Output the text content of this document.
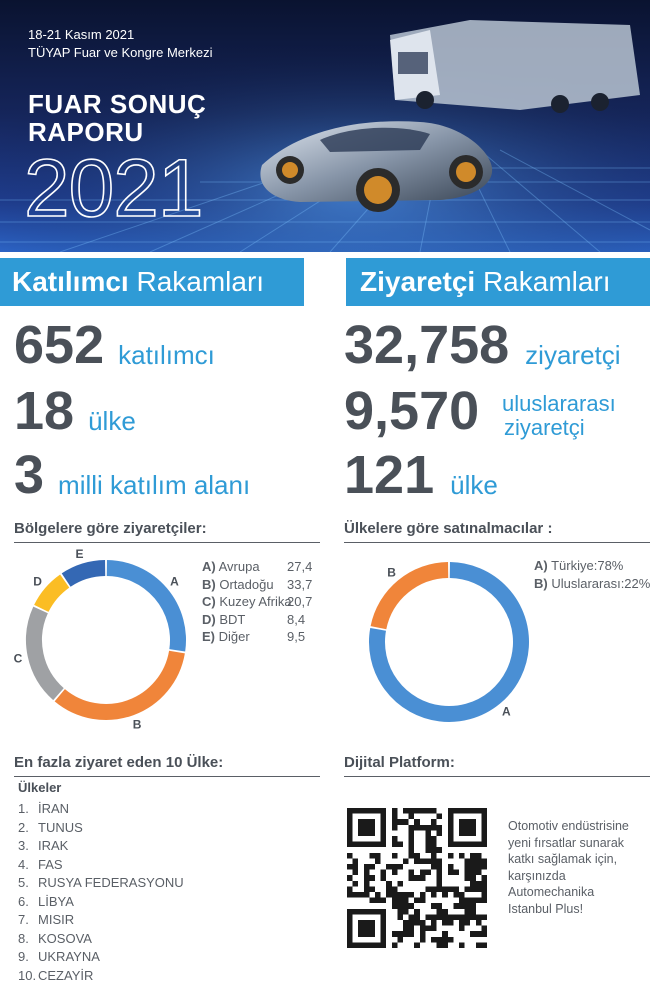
18-21 Kasım 2021
TÜYAP Fuar ve Kongre Merkezi
FUAR SONUÇ
RAPORU
2021
Katılımcı Rakamları	Ziyaretçi Rakamları
652 katılımcı
18 ülke
3 milli katılım alanı
32,758 ziyaretçi
9,570 uluslararası
ziyaretçi
121 ülke
Bölgelere göre ziyaretçiler:
A
B
C
D
E
A) Avrupa 27,4
B) Ortadoğu 33,7
C) Kuzey Afrika
20,7
D) BDT	8,4
E) Diğer	9,5
Ülkelere göre satınalmacılar :
A
B	A) Türkiye:78%
B) Uluslararası:22%
En fazla ziyaret eden 10 Ülke:
Ülkeler
1. İRAN
2. TUNUS
3. IRAK
4. FAS
5. RUSYA FEDERASYONU
6. LİBYA
7. MISIR
8. KOSOVA
9. UKRAYNA
10. CEZAYİR
Dijital Platform:
Otomotiv endüstrisine yeni fırsatlar sunarak katkı sağlamak için, karşınızda Automechanika Istanbul Plus!
